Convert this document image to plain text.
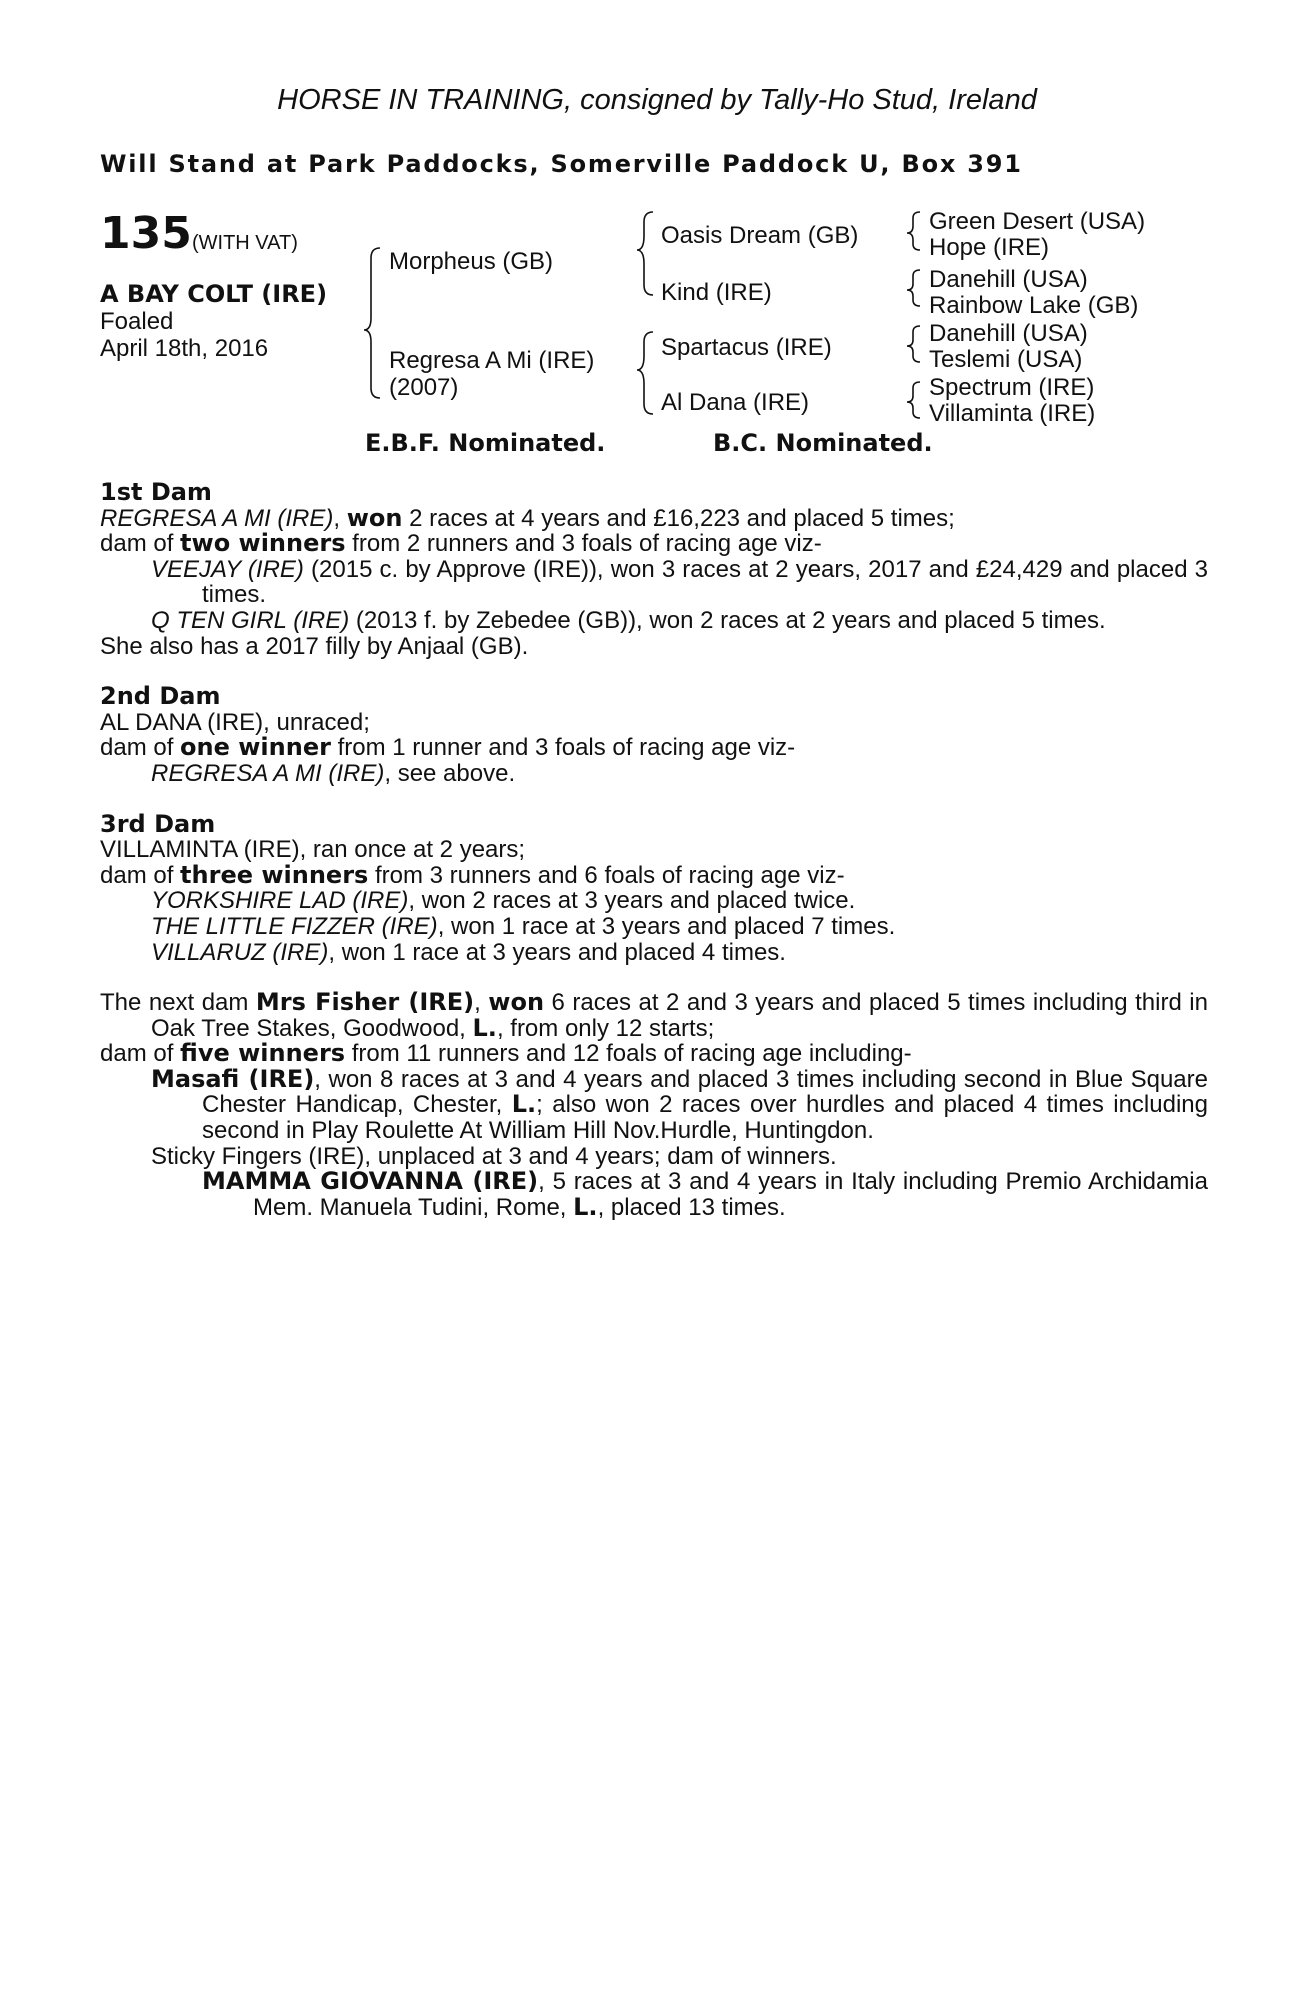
HORSE IN TRAINING, consigned by Tally-Ho Stud, Ireland
Will Stand at Park Paddocks, Somerville Paddock U, Box 391
135 (WITH VAT)
A BAY COLT (IRE)
Foaled
April 18th, 2016
Morpheus (GB)
Regresa A Mi (IRE)
(2007)
Oasis Dream (GB)
Kind (IRE)
Spartacus (IRE)
Al Dana (IRE)
Green Desert (USA)
Hope (IRE)
Danehill (USA)
Rainbow Lake (GB)
Danehill (USA)
Teslemi (USA)
Spectrum (IRE)
Villaminta (IRE)
E.B.F. Nominated.	B.C. Nominated.

1st Dam

REGRESA A MI (IRE), won 2 races at 4 years and £16,223 and placed 5 times;

dam of two winners from 2 runners and 3 foals of racing age viz-

VEEJAY (IRE) (2015 c. by Approve (IRE)), won 3 races at 2 years, 2017 and £24,429 and placed 3 times.

Q TEN GIRL (IRE) (2013 f. by Zebedee (GB)), won 2 races at 2 years and placed 5 times.

She also has a 2017 filly by Anjaal (GB).

2nd Dam

AL DANA (IRE), unraced;

dam of one winner from 1 runner and 3 foals of racing age viz-

REGRESA A MI (IRE), see above.

3rd Dam

VILLAMINTA (IRE), ran once at 2 years;

dam of three winners from 3 runners and 6 foals of racing age viz-

YORKSHIRE LAD (IRE), won 2 races at 3 years and placed twice.

THE LITTLE FIZZER (IRE), won 1 race at 3 years and placed 7 times.

VILLARUZ (IRE), won 1 race at 3 years and placed 4 times.

The next dam Mrs Fisher (IRE), won 6 races at 2 and 3 years and placed 5 times including third in Oak Tree Stakes, Goodwood, L., from only 12 starts;

dam of five winners from 11 runners and 12 foals of racing age including-

Masafi (IRE), won 8 races at 3 and 4 years and placed 3 times including second in Blue Square Chester Handicap, Chester, L.; also won 2 races over hurdles and placed 4 times including second in Play Roulette At William Hill Nov.Hurdle, Huntingdon.

Sticky Fingers (IRE), unplaced at 3 and 4 years; dam of winners.

MAMMA GIOVANNA (IRE), 5 races at 3 and 4 years in Italy including Premio Archidamia Mem. Manuela Tudini, Rome, L., placed 13 times.
